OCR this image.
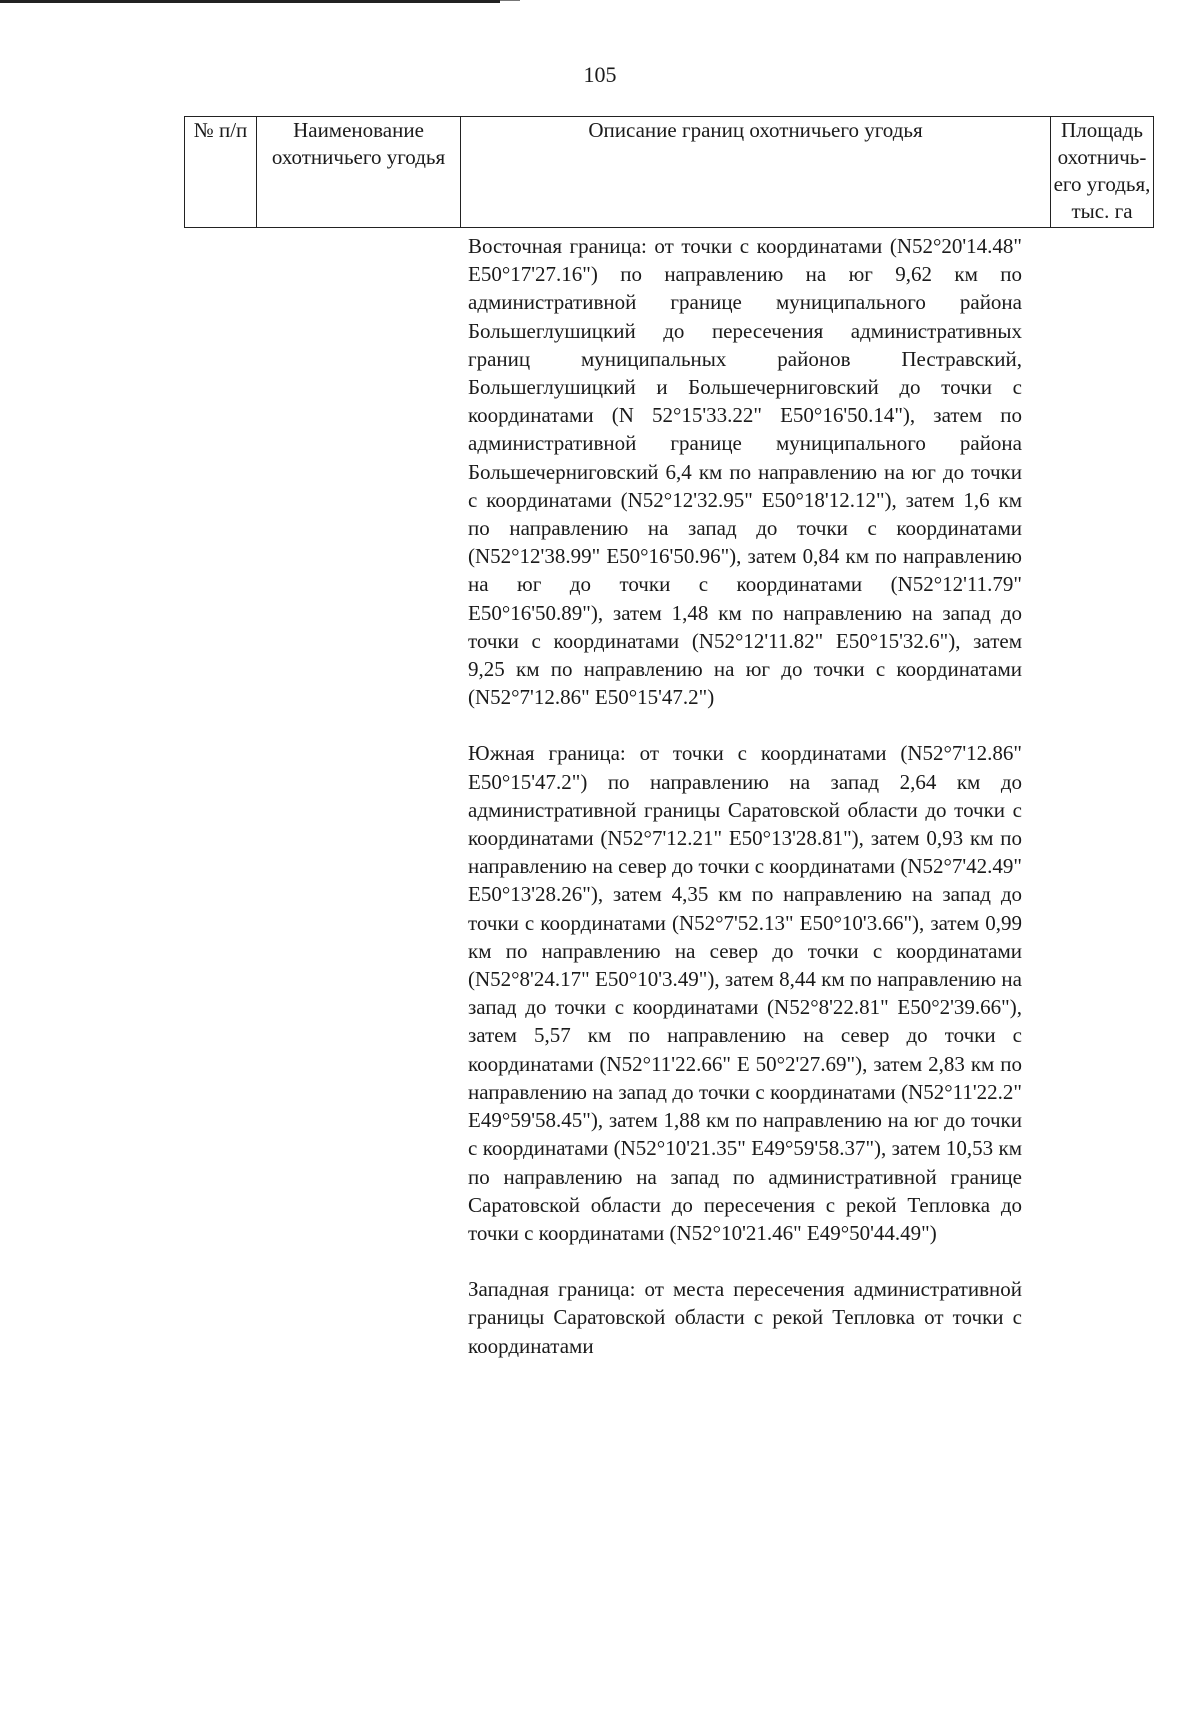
105
№ п/п	Наименование охотничьего угодья	Описание границ охотничьего угодья	Площадь охотничь- его угодья, тыс. га

Восточная граница: от точки с координатами (N52°20'14.48" E50°17'27.16") по направлению на юг 9,62 км по административной границе муниципального района Большеглушицкий до пересечения административных границ муниципальных районов Пестравский, Большеглушицкий и Большечерниговский до точки с координатами (N 52°15'33.22" E50°16'50.14"), затем по административной границе муниципального района Большечерниговский 6,4 км по направлению на юг до точки с координатами (N52°12'32.95" E50°18'12.12"), затем 1,6 км по направлению на запад до точки с координатами (N52°12'38.99" E50°16'50.96"), затем 0,84 км по направлению на юг до точки с координатами (N52°12'11.79" E50°16'50.89"), затем 1,48 км по направлению на запад до точки с координатами (N52°12'11.82" E50°15'32.6"), затем 9,25 км по направлению на юг до точки с координатами (N52°7'12.86" E50°15'47.2")

Южная граница: от точки с координатами (N52°7'12.86" E50°15'47.2") по направлению на запад 2,64 км до административной границы Саратовской области до точки с координатами (N52°7'12.21" E50°13'28.81"), затем 0,93 км по направлению на север до точки с координатами (N52°7'42.49" E50°13'28.26"), затем 4,35 км по направлению на запад до точки с координатами (N52°7'52.13" E50°10'3.66"), затем 0,99 км по направлению на север до точки с координатами (N52°8'24.17" E50°10'3.49"), затем 8,44 км по направлению на запад до точки с координатами (N52°8'22.81" E50°2'39.66"), затем 5,57 км по направлению на север до точки с координатами (N52°11'22.66" E 50°2'27.69"), затем 2,83 км по направлению на запад до точки с координатами (N52°11'22.2" E49°59'58.45"), затем 1,88 км по направлению на юг до точки с координатами (N52°10'21.35" E49°59'58.37"), затем 10,53 км по направлению на запад по административной границе Саратовской области до пересечения с рекой Тепловка до точки с координатами (N52°10'21.46" E49°50'44.49")

Западная граница: от места пересечения административной границы Саратовской области с рекой Тепловка от точки с координатами
